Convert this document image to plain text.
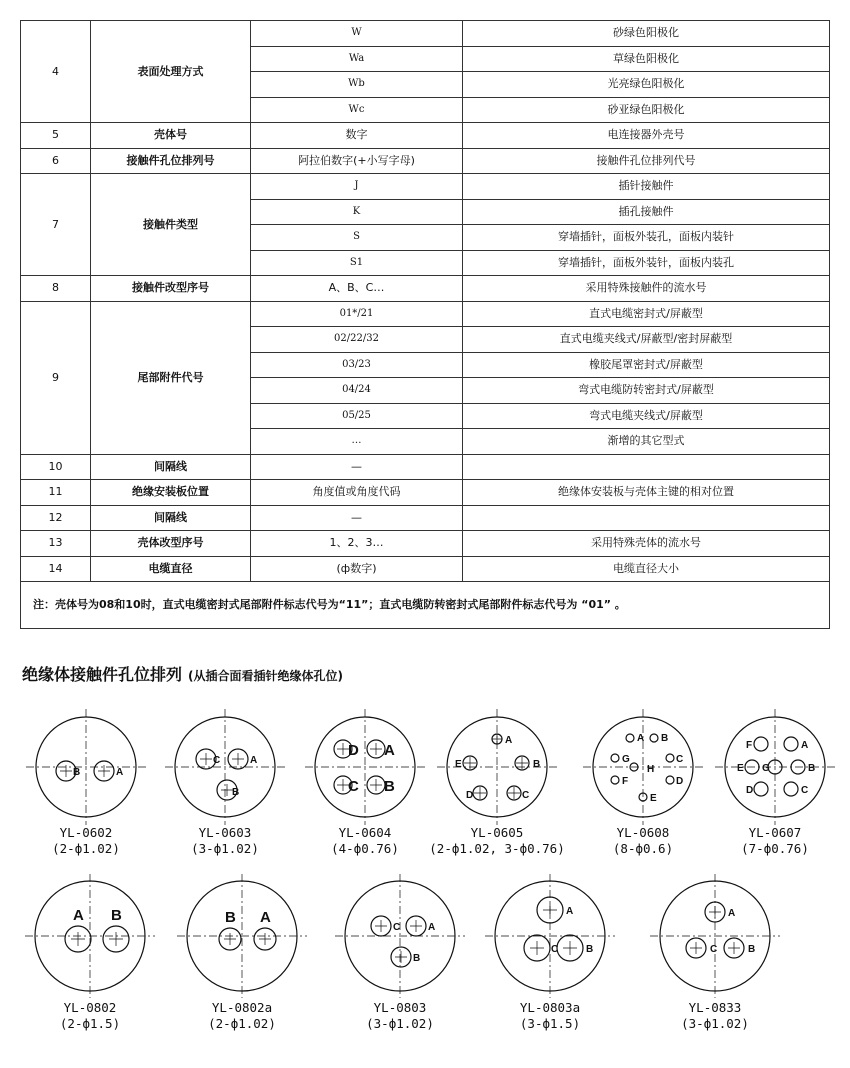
4	表面处理方式	W	砂绿色阳极化
		Wa	草绿色阳极化
		Wb	光亮绿色阳极化
		Wc	砂亚绿色阳极化
5	壳体号	数字	电连接器外壳号
6	接触件孔位排列号	阿拉伯数字(+小写字母)	接触件孔位排列代号
7	接触件类型	J	插针接触件
		K	插孔接触件
		S	穿墙插针，面板外装孔，面板内装针
		S1	穿墙插针，面板外装针，面板内装孔
8	接触件改型序号	A、B、C…	采用特殊接触件的流水号
9	尾部附件代号	01*/21	直式电缆密封式/屏蔽型
		02/22/32	直式电缆夹线式/屏蔽型/密封屏蔽型
		03/23	橡胶尾罩密封式/屏蔽型
		04/24	弯式电缆防转密封式/屏蔽型
		05/25	弯式电缆夹线式/屏蔽型
		…	渐增的其它型式
10	间隔线	—	
11	绝缘安装板位置	角度值或角度代码	绝缘体安装板与壳体主键的相对位置
12	间隔线	—	
13	壳体改型序号	1、2、3…	采用特殊壳体的流水号
14	电缆直径	(ф数字)	电缆直径大小
注：壳体号为08和10时，直式电缆密封式尾部附件标志代号为“11”；直式电缆防转密封式尾部附件标志代号为 “01” 。			
绝缘体接触件孔位排列 (从插合面看插针绝缘体孔位)
B	A
YL-0602
(2-ф1.02)
C	A
B
YL-0603
(3-ф1.02)
D A
C B
YL-0604
(4-ф0.76)
A
E	B
D	C
YL-0605
(2-ф1.02, 3-ф0.76)
A B
G
H
C
F	D
E
YL-0608
(8-ф0.6)
F	A
E G	B
D	C
YL-0607
(7-ф0.76)
A B
YL-0802
(2-ф1.5)
B A
YL-0802a
(2-ф1.02)
C	A
B
YL-0803
(3-ф1.02)
A
C	B
YL-0803a
(3-ф1.5)
A
C	B
YL-0833
(3-ф1.02)
